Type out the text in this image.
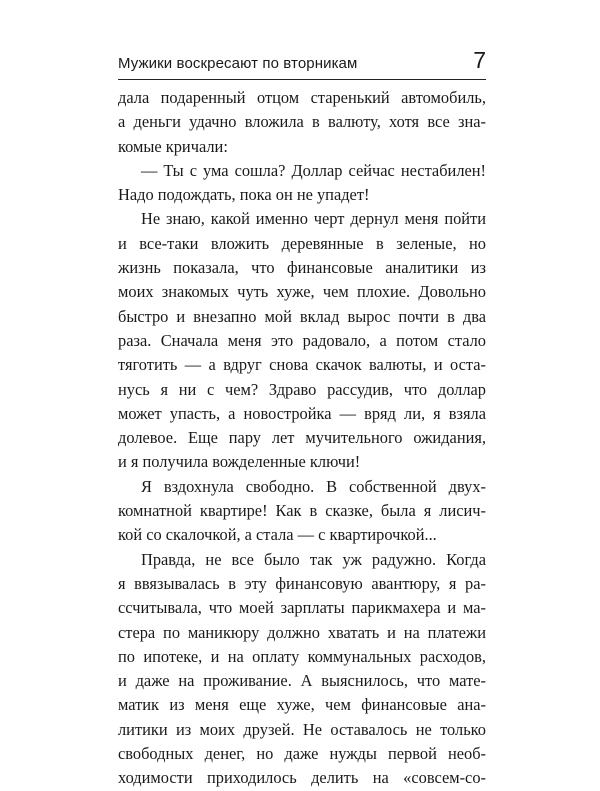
Мужики воскресают по вторникам	7
дала подаренный отцом старенький автомобиль,
а деньги удачно вложила в валюту, хотя все зна-
комые кричали:
— Ты с ума сошла? Доллар сейчас нестабилен!
Надо подождать, пока он не упадет!
Не знаю, какой именно черт дернул меня пойти
и все-таки вложить деревянные в зеленые, но
жизнь показала, что финансовые аналитики из
моих знакомых чуть хуже, чем плохие. Довольно
быстро и внезапно мой вклад вырос почти в два
раза. Сначала меня это радовало, а потом стало
тяготить — а вдруг снова скачок валюты, и оста-
нусь я ни с чем? Здраво рассудив, что доллар
может упасть, а новостройка — вряд ли, я взяла
долевое. Еще пару лет мучительного ожидания,
и я получила вожделенные ключи!
Я вздохнула свободно. В собственной двух-
комнатной квартире! Как в сказке, была я лисич-
кой со скалочкой, а стала — с квартирочкой...
Правда, не все было так уж радужно. Когда
я ввязывалась в эту финансовую авантюру, я ра-
ссчитывала, что моей зарплаты парикмахера и ма-
стера по маникюру должно хватать и на платежи
по ипотеке, и на оплату коммунальных расходов,
и даже на проживание. А выяснилось, что мате-
матик из меня еще хуже, чем финансовые ана-
литики из моих друзей. Не оставалось не только
свободных денег, но даже нужды первой необ-
ходимости приходилось делить на «совсем-со-
